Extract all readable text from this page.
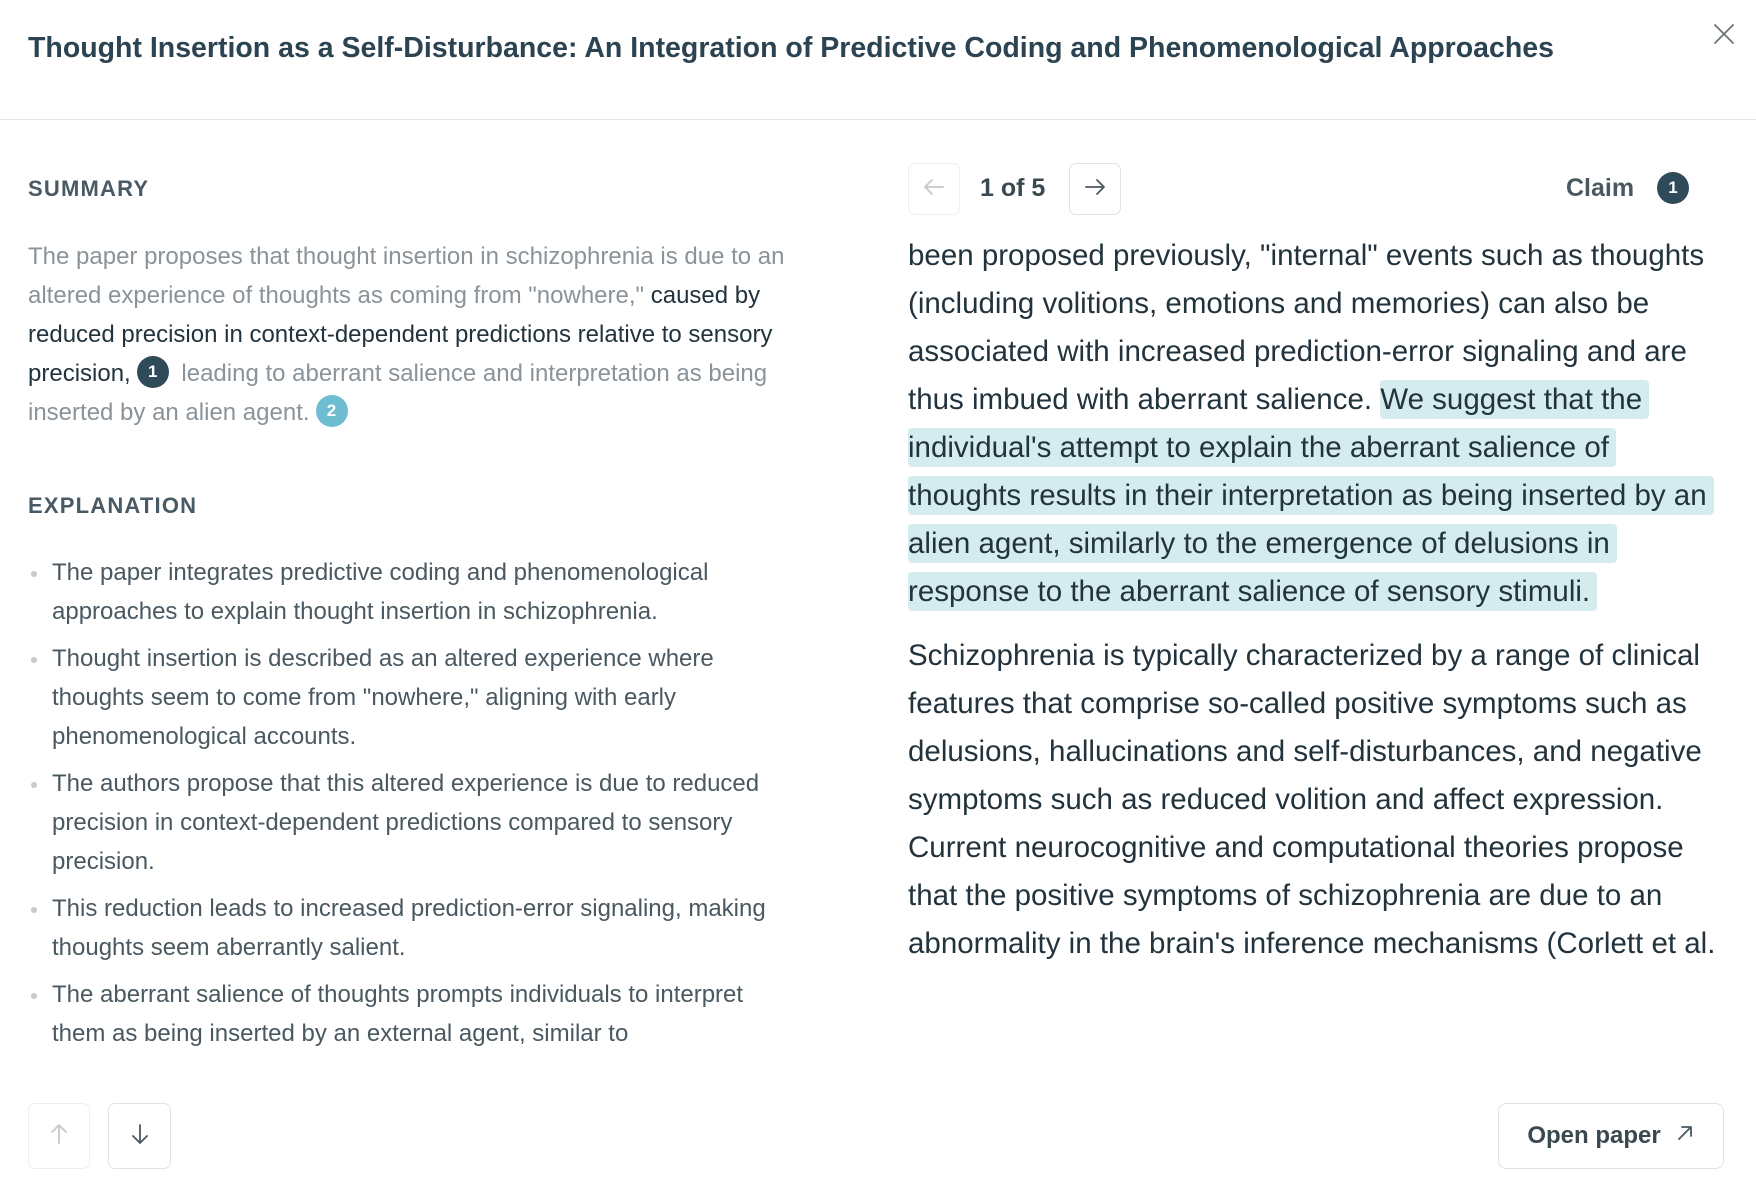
Thought Insertion as a Self-Disturbance: An Integration of Predictive Coding and Phenomenological Approaches
SUMMARY
The paper proposes that thought insertion in schizophrenia is due to an altered experience of thoughts as coming from "nowhere," caused by reduced precision in context-dependent predictions relative to sensory precision, 1 leading to aberrant salience and interpretation as being inserted by an alien agent. 2
EXPLANATION
The paper integrates predictive coding and phenomenological approaches to explain thought insertion in schizophrenia.
Thought insertion is described as an altered experience where thoughts seem to come from "nowhere," aligning with early phenomenological accounts.
The authors propose that this altered experience is due to reduced precision in context-dependent predictions compared to sensory precision.
This reduction leads to increased prediction-error signaling, making thoughts seem aberrantly salient.
The aberrant salience of thoughts prompts individuals to interpret them as being inserted by an external agent, similar to
1 of 5	Claim	1

been proposed previously, "internal" events such as thoughts (including volitions, emotions and memories) can also be associated with increased prediction-error signaling and are thus imbued with aberrant salience. We suggest that the individual's attempt to explain the aberrant salience of thoughts results in their interpretation as being inserted by an alien agent, similarly to the emergence of delusions in response to the aberrant salience of sensory stimuli.

Schizophrenia is typically characterized by a range of clinical features that comprise so-called positive symptoms such as delusions, hallucinations and self-disturbances, and negative symptoms such as reduced volition and affect expression. Current neurocognitive and computational theories propose that the positive symptoms of schizophrenia are due to an abnormality in the brain's inference mechanisms (Corlett et al.

Open paper
